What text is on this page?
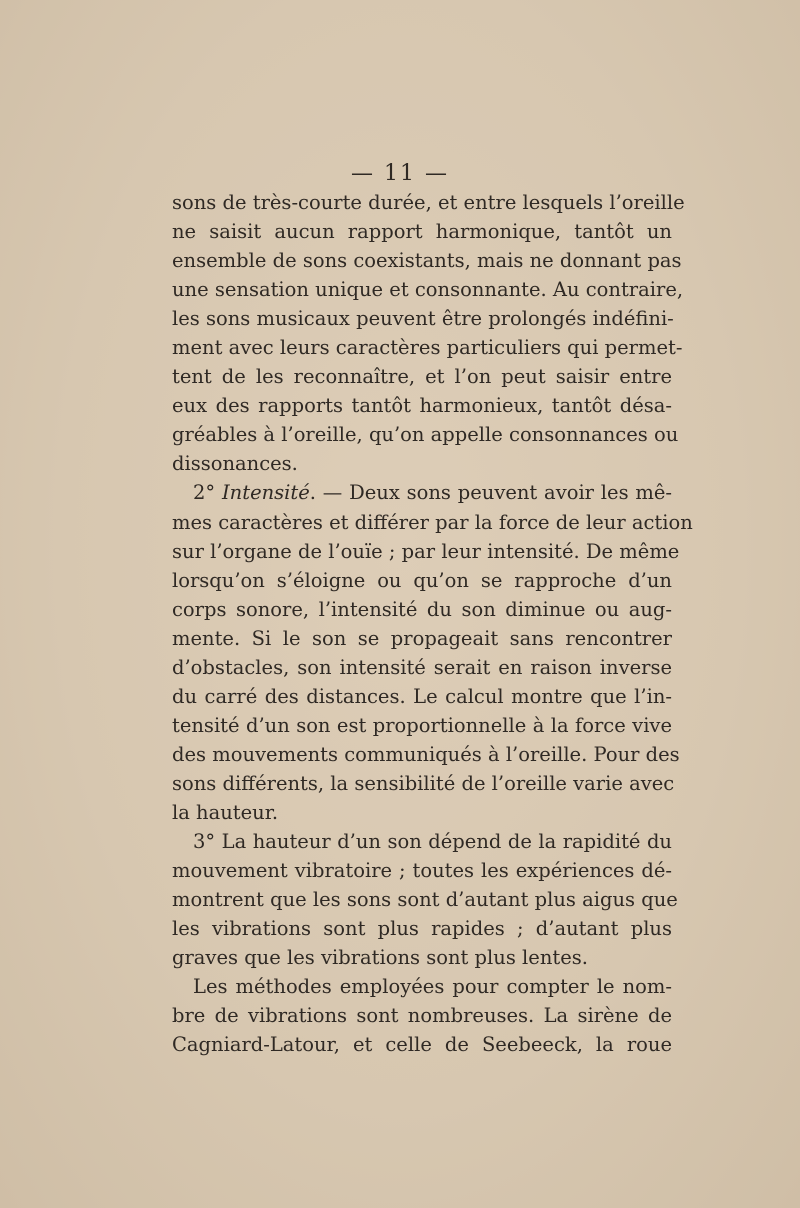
— 11 —
sons de très-courte durée, et entre lesquels l’oreille
ne saisit aucun rapport harmonique, tantôt un
ensemble de sons coexistants, mais ne donnant pas
une sensation unique et consonnante. Au contraire,
les sons musicaux peuvent être prolongés indéfini-
ment avec leurs caractères particuliers qui permet-
tent de les reconnaître, et l’on peut saisir entre
eux des rapports tantôt harmonieux, tantôt désa-
gréables à l’oreille, qu’on appelle consonnances ou
dissonances.
2° Intensité. — Deux sons peuvent avoir les mê-
mes caractères et différer par la force de leur action
sur l’organe de l’ouïe ; par leur intensité. De même
lorsqu’on s’éloigne ou qu’on se rapproche d’un
corps sonore, l’intensité du son diminue ou aug-
mente. Si le son se propageait sans rencontrer
d’obstacles, son intensité serait en raison inverse
du carré des distances. Le calcul montre que l’in-
tensité d’un son est proportionnelle à la force vive
des mouvements communiqués à l’oreille. Pour des
sons différents, la sensibilité de l’oreille varie avec
la hauteur.
3° La hauteur d’un son dépend de la rapidité du
mouvement vibratoire ; toutes les expériences dé-
montrent que les sons sont d’autant plus aigus que
les vibrations sont plus rapides ; d’autant plus
graves que les vibrations sont plus lentes.
Les méthodes employées pour compter le nom-
bre de vibrations sont nombreuses. La sirène de
Cagniard-Latour, et celle de Seebeeck, la roue
